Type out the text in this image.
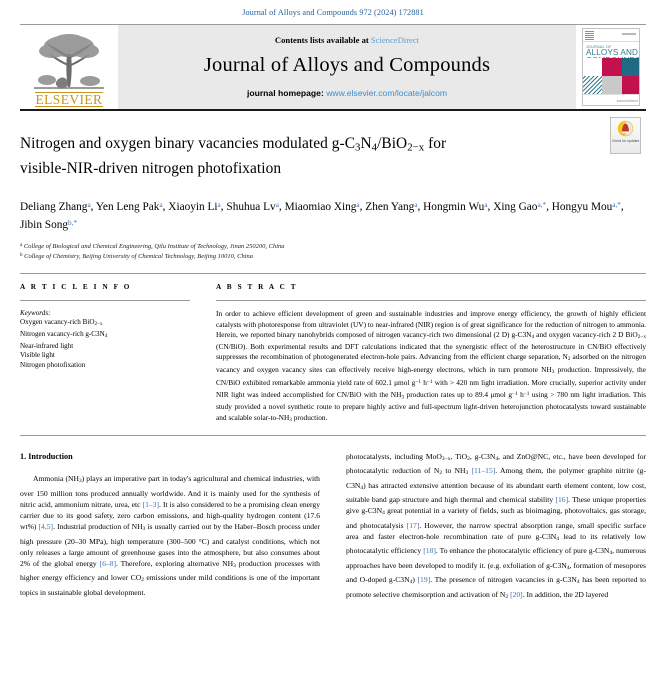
Journal of Alloys and Compounds 972 (2024) 172881
ELSEVIER
Contents lists available at ScienceDirect
Journal of Alloys and Compounds
journal homepage: www.elsevier.com/locate/jalcom
JOURNAL OF
ALLOYS AND
sciencedirect
Check for updates
Nitrogen and oxygen binary vacancies modulated $g-C_3N_4/BiO_{2-x}$ for
visible-NIR-driven nitrogen photofixation
Deliang Zhang$^a$, Yen Leng Pak$^a$, Xiaoyin Li$^a$, Shuhua Lv$^a$, Miaomiao Xing$^a$, Zhen Yang$^a$, Hongmin Wu$^a$, Xing Gao$^{a,*}$, Hongyu Mou$^{a,*}$, Jibin Song$^{b,*}$
$^a$ College of Biological and Chemical Engineering, Qilu Institute of Technology, Jinan 250200, China
$^b$ College of Chemistry, Beijing University of Chemical Technology, Beijing 10010, China
A R T I C L E I N F O
Keywords:
Oxygen vacancy-rich BiO$_{2-x}$
Nitrogen vacancy-rich $g-C3N_4$
Near-infrared light
Visible light
Nitrogen photofixation
A B S T R A C T
In order to achieve efficient development of green and sustainable industries and improve energy efficiency, the growth of highly efficient catalysts with photoresponse from ultraviolet (UV) to near-infrared (NIR) region is of great significance for the reduction of nitrogen to ammonia. Herein, we reported binary nanohybrids composed of nitrogen vacancy-rich two dimensional (2 D) $g-C3N_4$ and oxygen vacancy-rich 2 D BiO$_{2-x}$ (CN/BiO). Both experimental results and DFT calculations indicated that the synergistic effect of the heterostructure in CN/BiO effectively suppresses the recombination of photogenerated electron-hole pairs. Advancing from the efficient charge separation, $N_2$ adsorbed on the nitrogen vacancy and oxygen vacancy sites can effectively receive high-energy electrons, which in turn promote $NH_3$ production. Impressively, the CN/BiO exhibited remarkable ammonia yield rate of 602.1 μmol $g^{-1}$ $h^{-1}$ with > 420 nm light irradiation. More crucially, superior activity under NIR light was indeed accomplished for CN/BiO with the $NH_3$ production rates up to 89.4 μmol $g^{-1}$ $h^{-1}$ using > 780 nm light irradiation. This study provided a novel synthetic route to prepare highly active and full-spectrum light-driven heterojunction photocatalysts toward sustainable and scalable solar-$to-NH_3$ production.
1. Introduction

Ammonia $(NH_3)$ plays an imperative part in today's agricultural and chemical industries, with over 150 million tons produced annually worldwide. And it is mainly used for the synthesis of nitric acid, ammonium nitrate, urea, etc [1–3]. It is also considered to be a promising clean energy carrier due to its good safety, zero carbon emissions, and high-quality hydrogen content (17.6 wt%) [4,5]. Industrial production of $NH_3$ is usually carried out by the Haber–Bosch process under high pressure (20–30 MPa), high temperature (300–500 °C) and catalyst conditions, which not only releases a large amount of greenhouse gases into the atmosphere, but also consumes about 2% of the global energy [6–8]. Therefore, exploring alternative $NH_3$ production processes with higher energy efficiency and lower $CO_2$ emissions under mild conditions is one of the important topics in sustainable global development.

photocatalysts, including MoO$_{3-x}$, TiO$_2$, $g-C3N_4$, and ZnO@NC, etc., have been developed for photocatalytic reduction of $N_2$ to $NH_3$ [11–15]. Among them, the polymer graphite nitrite $(g-C3N_4)$ has attracted extensive attention because of its abundant earth element content, low cost, suitable band gap structure and high thermal and chemical stability [16]. These unique properties give $g-C3N_4$ great potential in a variety of fields, such as bioimaging, photovoltaics, gas storage, and photocatalysis [17]. However, the narrow spectral absorption range, small specific surface area and faster electron-hole recombination rate of pure $g-C3N_4$ lead to its relatively low photocatalytic efficiency [18]. To enhance the photocatalytic efficiency of pure $g-C3N_4$, numerous approaches have been developed to modify it. (e.g. exfoliation of $g-C3N_4$, formation of mesopores and O-doped $g-C3N_4$) [19]. The presence of nitrogen vacancies in $g-C3N_4$ has been reported to promote selective chemisorption and activation of $N_2$ [20]. In addition, the 2D layered
